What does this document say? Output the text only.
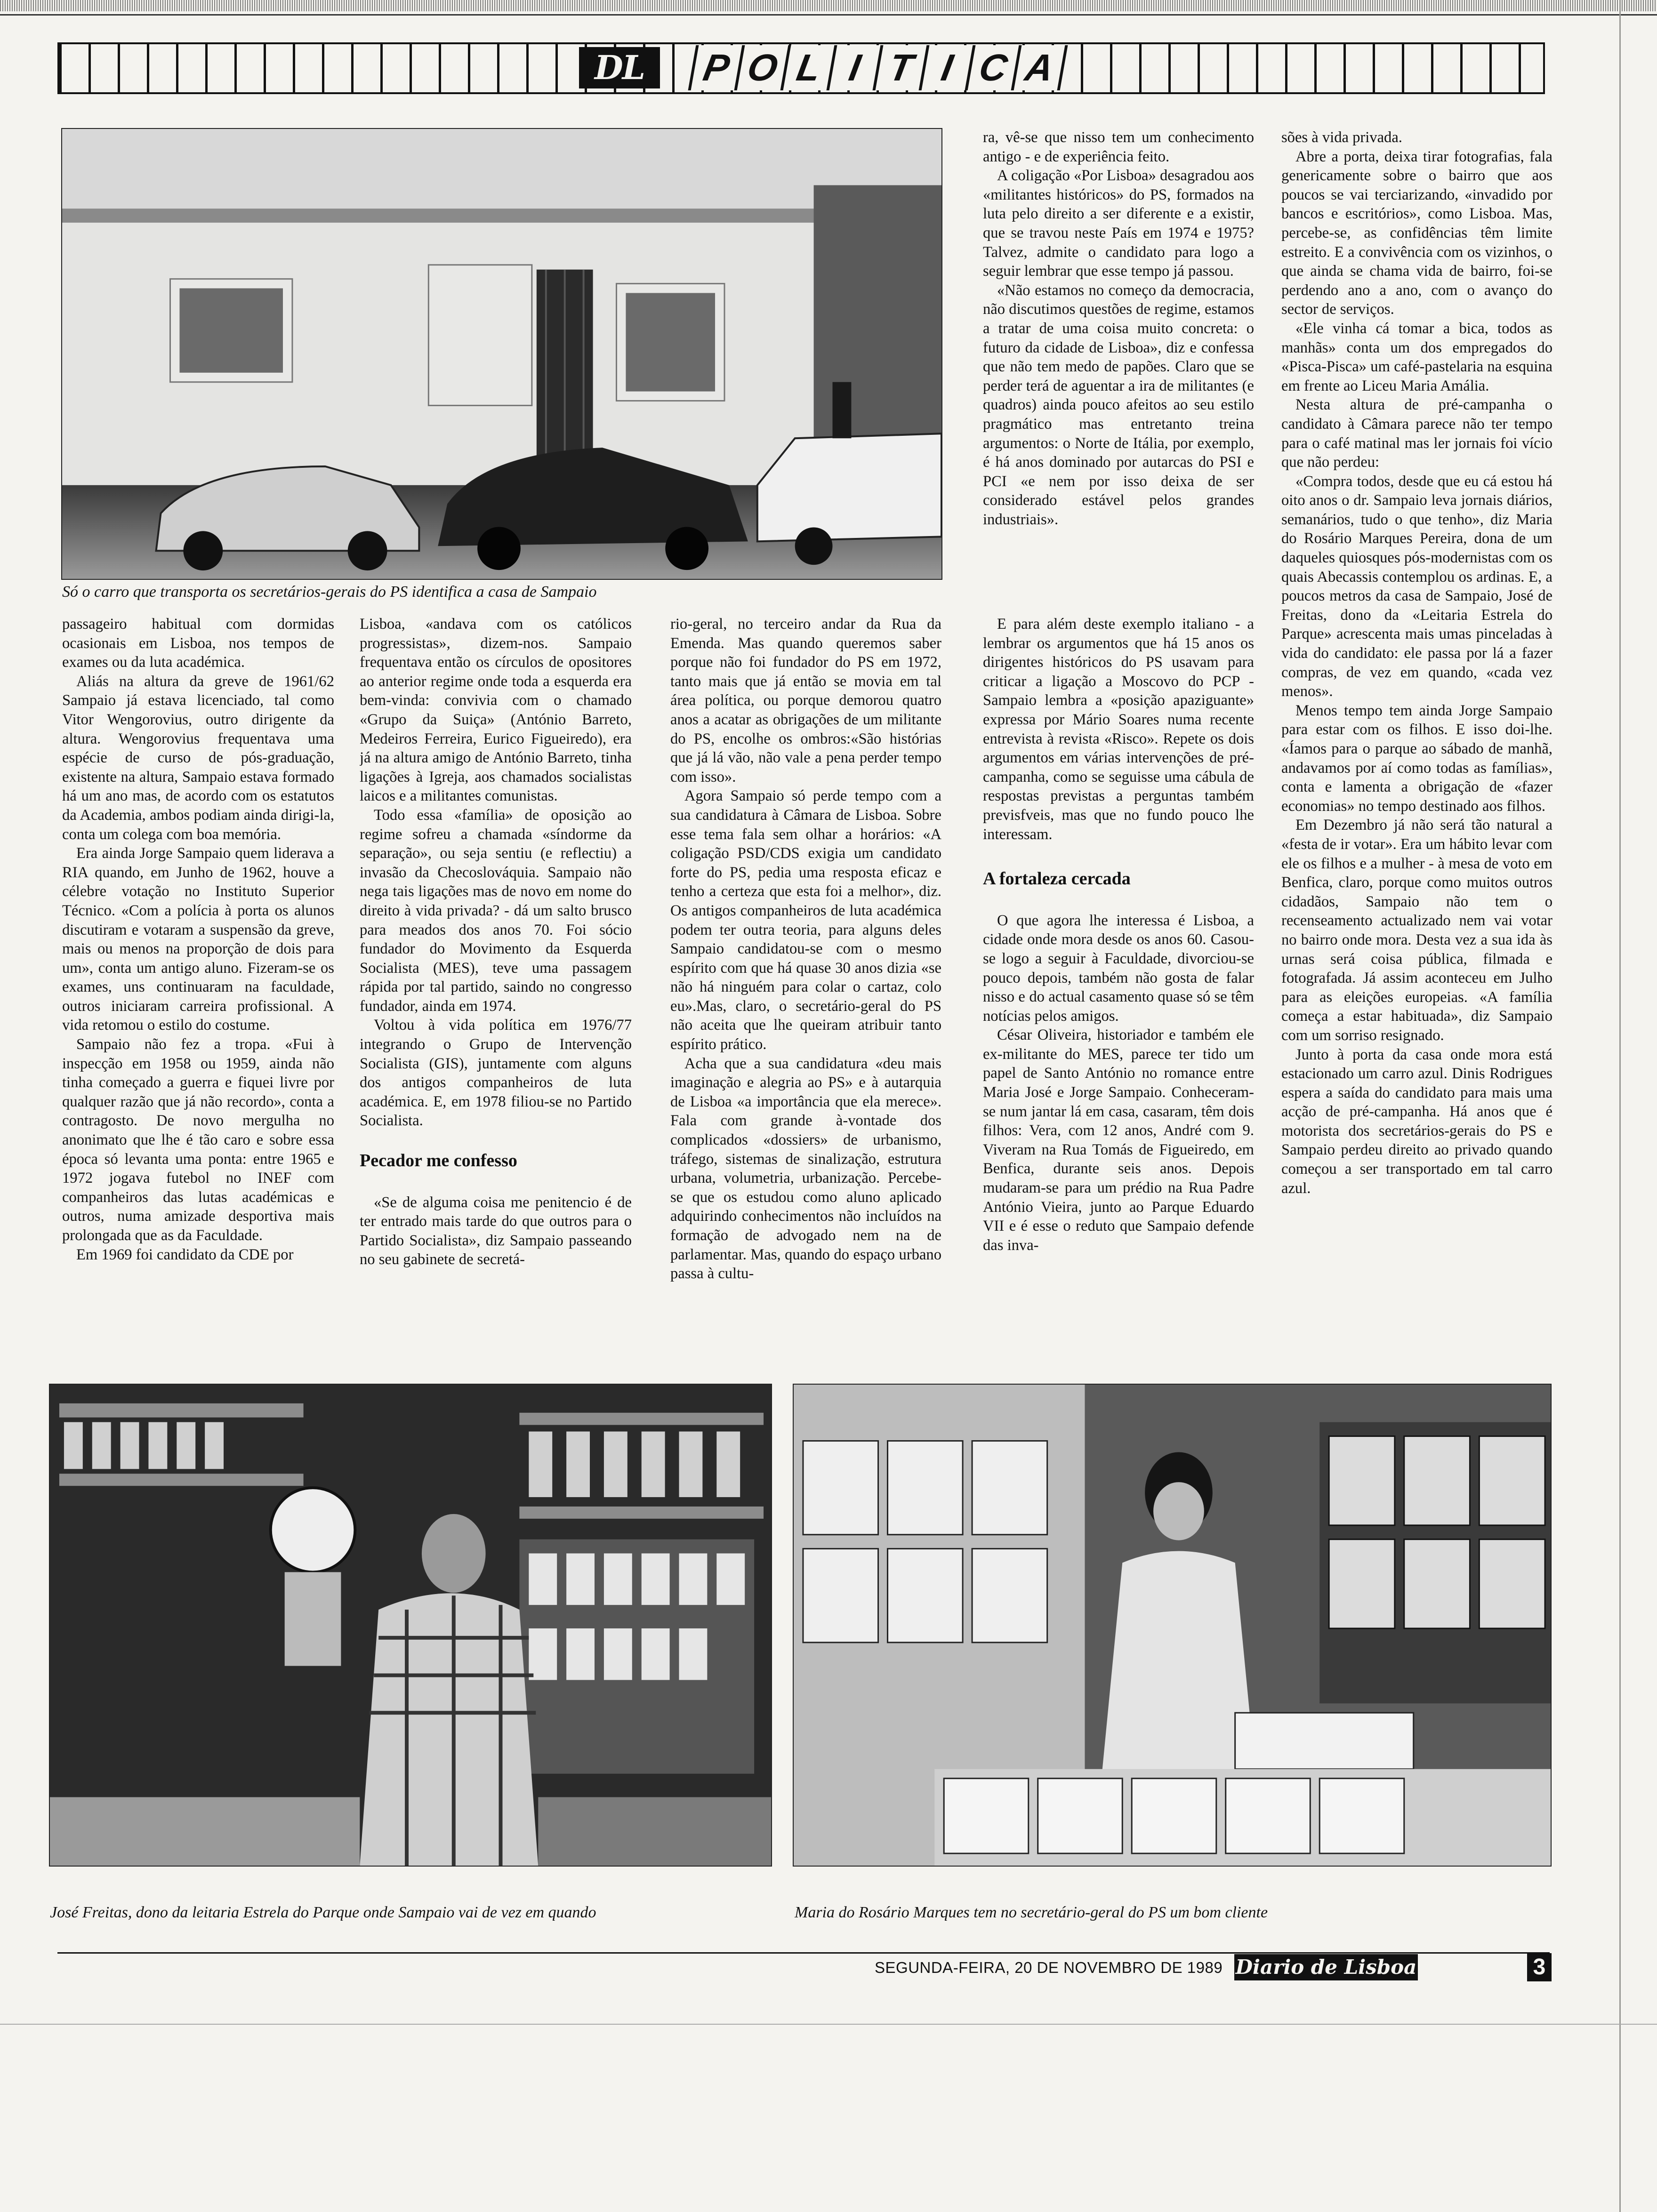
DL	P O L I T I C A
Só o carro que transporta os secretários-gerais do PS identifica a casa de Sampaio

ra, vê-se que nisso tem um conhecimento antigo - e de experiência feito.

A coligação «Por Lisboa» desagradou aos «militantes históricos» do PS, formados na luta pelo direito a ser diferente e a existir, que se travou neste País em 1974 e 1975? Talvez, admite o candidato para logo a seguir lembrar que esse tempo já passou.

«Não estamos no começo da democracia, não discutimos questões de regime, estamos a tratar de uma coisa muito concreta: o futuro da cidade de Lisboa», diz e confessa que não tem medo de papões. Claro que se perder terá de aguentar a ira de militantes (e quadros) ainda pouco afeitos ao seu estilo pragmático mas entretanto treina argumentos: o Norte de Itália, por exemplo, é há anos dominado por autarcas do PSI e PCI «e nem por isso deixa de ser considerado estável pelos grandes industriais».

sões à vida privada.

Abre a porta, deixa tirar fotografias, fala genericamente sobre o bairro que aos poucos se vai terciarizando, «invadido por bancos e escritórios», como Lisboa. Mas, percebe-se, as confidências têm limite estreito. E a convivência com os vizinhos, o que ainda se chama vida de bairro, foi-se perdendo ano a ano, com o avanço do sector de serviços.

«Ele vinha cá tomar a bica, todos as manhãs» conta um dos empregados do «Pisca-Pisca» um café-pastelaria na esquina em frente ao Liceu Maria Amália.

Nesta altura de pré-campanha o candidato à Câmara parece não ter tempo para o café matinal mas ler jornais foi vício que não perdeu:

«Compra todos, desde que eu cá estou há oito anos o dr. Sampaio leva jornais diários, semanários, tudo o que tenho», diz Maria do Rosário Marques Pereira, dona de um daqueles quiosques pós-modernistas com os quais Abecassis contemplou os ardinas. E, a poucos metros da casa de Sampaio, José de Freitas, dono da «Leitaria Estrela do Parque» acrescenta mais umas pinceladas à vida do candidato: ele passa por lá a fazer compras, de vez em quando, «cada vez menos».

Menos tempo tem ainda Jorge Sampaio para estar com os filhos. E isso doi-lhe. «Íamos para o parque ao sábado de manhã, andavamos por aí como todas as famílias», conta e lamenta a obrigação de «fazer economias» no tempo destinado aos filhos.

Em Dezembro já não será tão natural a «festa de ir votar». Era um hábito levar com ele os filhos e a mulher - à mesa de voto em Benfica, claro, porque como muitos outros cidadãos, Sampaio não tem o recenseamento actualizado nem vai votar no bairro onde mora. Desta vez a sua ida às urnas será coisa pública, filmada e fotografada. Já assim aconteceu em Julho para as eleições europeias. «A família começa a estar habituada», diz Sampaio com um sorriso resignado.

Junto à porta da casa onde mora está estacionado um carro azul. Dinis Rodrigues espera a saída do candidato para mais uma acção de pré-campanha. Há anos que é motorista dos secretários-gerais do PS e Sampaio perdeu direito ao privado quando começou a ser transportado em tal carro azul.

passageiro habitual com dormidas ocasionais em Lisboa, nos tempos de exames ou da luta académica.

Aliás na altura da greve de 1961/62 Sampaio já estava licenciado, tal como Vitor Wengorovius, outro dirigente da altura. Wengorovius frequentava uma espécie de curso de pós-graduação, existente na altura, Sampaio estava formado há um ano mas, de acordo com os estatutos da Academia, ambos podiam ainda dirigi-la, conta um colega com boa memória.

Era ainda Jorge Sampaio quem liderava a RIA quando, em Junho de 1962, houve a célebre votação no Instituto Superior Técnico. «Com a polícia à porta os alunos discutiram e votaram a suspensão da greve, mais ou menos na proporção de dois para um», conta um antigo aluno. Fizeram-se os exames, uns continuaram na faculdade, outros iniciaram carreira profissional. A vida retomou o estilo do costume.

Sampaio não fez a tropa. «Fui à inspecção em 1958 ou 1959, ainda não tinha começado a guerra e fiquei livre por qualquer razão que já não recordo», conta a contragosto. De novo mergulha no anonimato que lhe é tão caro e sobre essa época só levanta uma ponta: entre 1965 e 1972 jogava futebol no INEF com companheiros das lutas académicas e outros, numa amizade desportiva mais prolongada que as da Faculdade.

Em 1969 foi candidato da CDE por

Lisboa, «andava com os católicos progressistas», dizem-nos. Sampaio frequentava então os círculos de opositores ao anterior regime onde toda a esquerda era bem-vinda: convivia com o chamado «Grupo da Suiça» (António Barreto, Medeiros Ferreira, Eurico Figueiredo), era já na altura amigo de António Barreto, tinha ligações à Igreja, aos chamados socialistas laicos e a militantes comunistas.

Todo essa «família» de oposição ao regime sofreu a chamada «síndorme da separação», ou seja sentiu (e reflectiu) a invasão da Checoslováquia. Sampaio não nega tais ligações mas de novo em nome do direito à vida privada? - dá um salto brusco para meados dos anos 70. Foi sócio fundador do Movimento da Esquerda Socialista (MES), teve uma passagem rápida por tal partido, saindo no congresso fundador, ainda em 1974.

Voltou à vida política em 1976/77 integrando o Grupo de Intervenção Socialista (GIS), juntamente com alguns dos antigos companheiros de luta académica. E, em 1978 filiou-se no Partido Socialista.

Pecador me confesso

«Se de alguma coisa me penitencio é de ter entrado mais tarde do que outros para o Partido Socialista», diz Sampaio passeando no seu gabinete de secretá-

rio-geral, no terceiro andar da Rua da Emenda. Mas quando queremos saber porque não foi fundador do PS em 1972, tanto mais que já então se movia em tal área política, ou porque demorou quatro anos a acatar as obrigações de um militante do PS, encolhe os ombros:«São histórias que já lá vão, não vale a pena perder tempo com isso».

Agora Sampaio só perde tempo com a sua candidatura à Câmara de Lisboa. Sobre esse tema fala sem olhar a horários: «A coligação PSD/CDS exigia um candidato forte do PS, pedia uma resposta eficaz e tenho a certeza que esta foi a melhor», diz. Os antigos companheiros de luta académica podem ter outra teoria, para alguns deles Sampaio candidatou-se com o mesmo espírito com que há quase 30 anos dizia «se não há ninguém para colar o cartaz, colo eu».Mas, claro, o secretário-geral do PS não aceita que lhe queiram atribuir tanto espírito prático.

Acha que a sua candidatura «deu mais imaginação e alegria ao PS» e à autarquia de Lisboa «a importância que ela merece». Fala com grande à-vontade dos complicados «dossiers» de urbanismo, tráfego, sistemas de sinalização, estrutura urbana, volumetria, urbanização. Percebe-se que os estudou como aluno aplicado adquirindo conhecimentos não incluídos na formação de advogado nem na de parlamentar. Mas, quando do espaço urbano passa à cultu-

E para além deste exemplo italiano - a lembrar os argumentos que há 15 anos os dirigentes históricos do PS usavam para criticar a ligação a Moscovo do PCP - Sampaio lembra a «posição apaziguante» expressa por Mário Soares numa recente entrevista à revista «Risco». Repete os dois argumentos em várias intervenções de pré-campanha, como se seguisse uma cábula de respostas previstas a perguntas também previsfveis, mas que no fundo pouco lhe interessam.

A fortaleza cercada

O que agora lhe interessa é Lisboa, a cidade onde mora desde os anos 60. Casou-se logo a seguir à Faculdade, divorciou-se pouco depois, também não gosta de falar nisso e do actual casamento quase só se têm notícias pelos amigos.

César Oliveira, historiador e também ele ex-militante do MES, parece ter tido um papel de Santo António no romance entre Maria José e Jorge Sampaio. Conheceram-se num jantar lá em casa, casaram, têm dois filhos: Vera, com 12 anos, André com 9. Viveram na Rua Tomás de Figueiredo, em Benfica, durante seis anos. Depois mudaram-se para um prédio na Rua Padre António Vieira, junto ao Parque Eduardo VII e é esse o reduto que Sampaio defende das inva-

José Freitas, dono da leitaria Estrela do Parque onde Sampaio vai de vez em quando	Maria do Rosário Marques tem no secretário-geral do PS um bom cliente
SEGUNDA-FEIRA, 20 DE NOVEMBRO DE 1989 Diario de Lisboa	3
